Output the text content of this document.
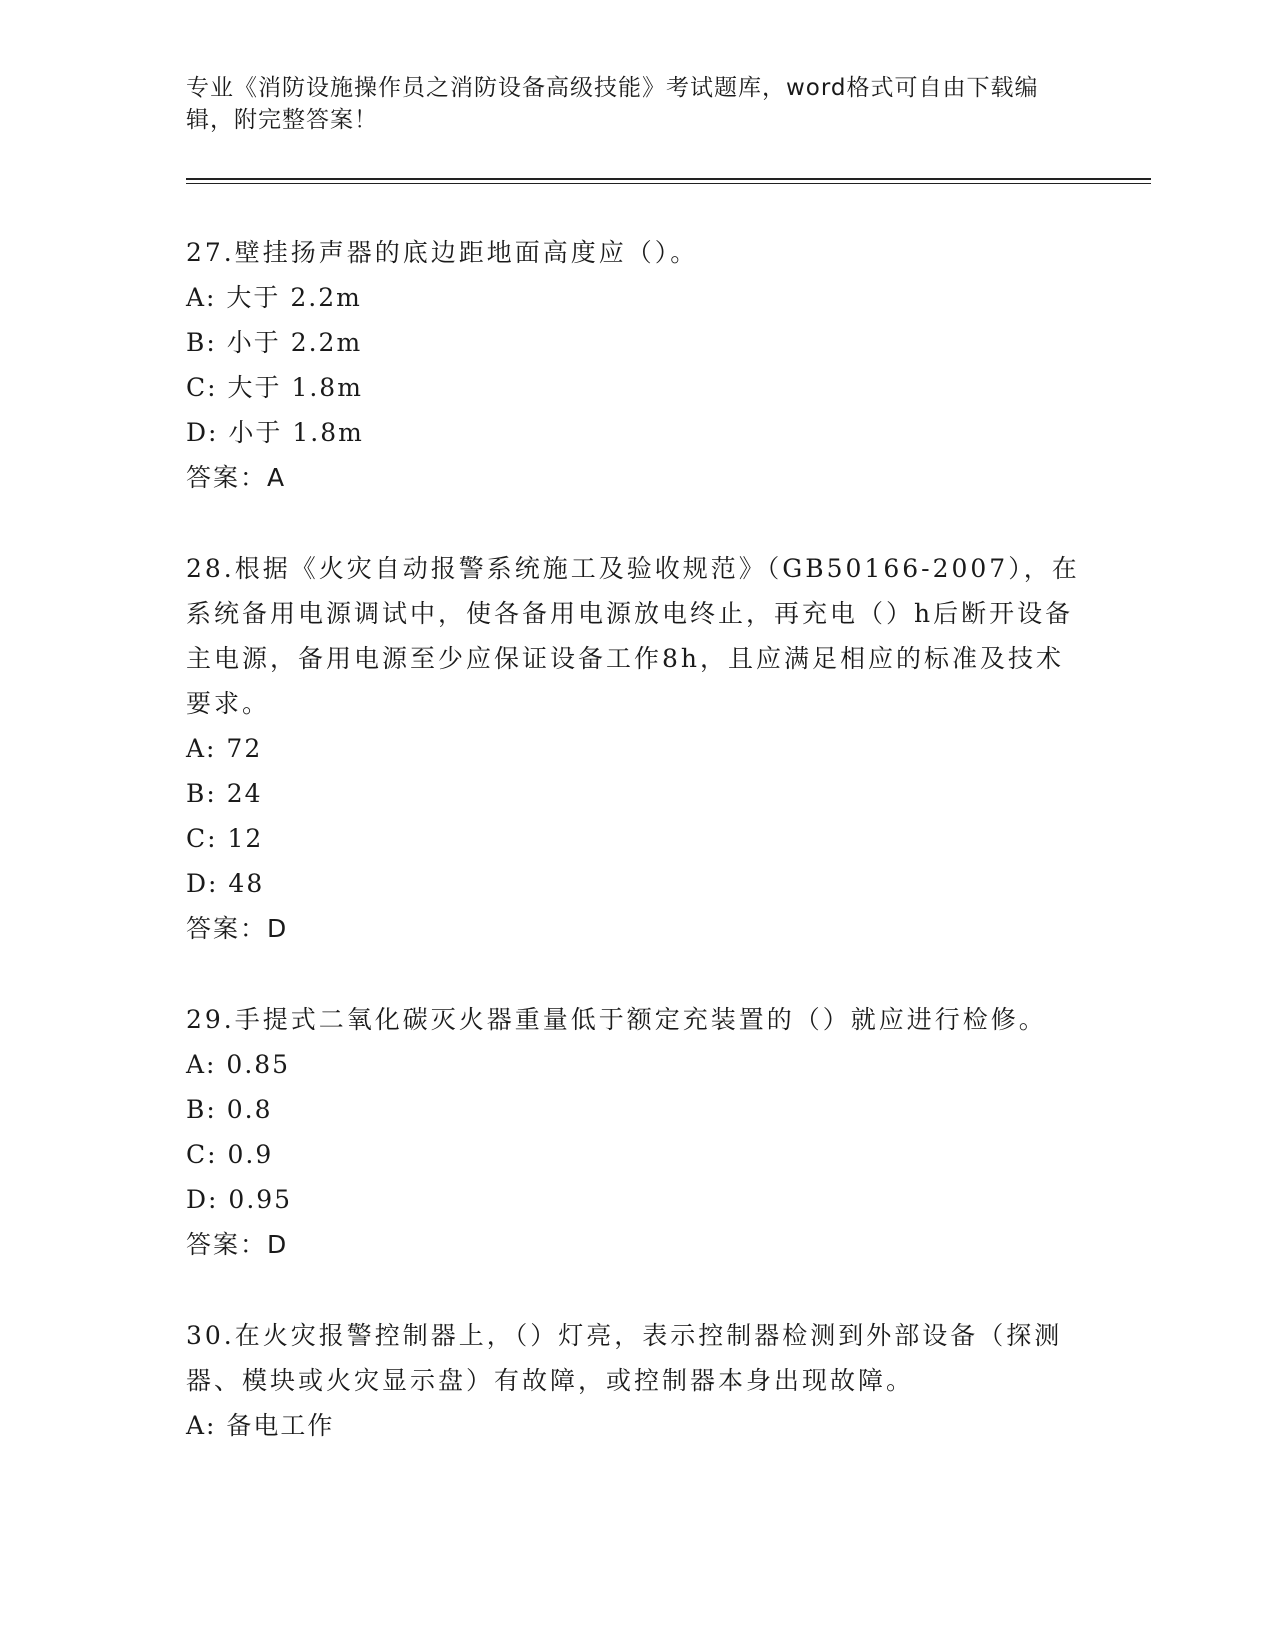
专业《消防设施操作员之消防设备高级技能》考试题库，word格式可自由下载编辑，附完整答案！

27.壁挂扬声器的底边距地面高度应（）。

A: 大于 2.2m

B: 小于 2.2m

C: 大于 1.8m

D: 小于 1.8m

答案：A

28.根据《火灾自动报警系统施工及验收规范》（GB50166-2007），在系统备用电源调试中，使各备用电源放电终止，再充电（）h后断开设备主电源，备用电源至少应保证设备工作8h，且应满足相应的标准及技术要求。

A: 72

B: 24

C: 12

D: 48

答案：D

29.手提式二氧化碳灭火器重量低于额定充装置的（）就应进行检修。

A: 0.85

B: 0.8

C: 0.9

D: 0.95

答案：D

30.在火灾报警控制器上，（）灯亮，表示控制器检测到外部设备（探测器、模块或火灾显示盘）有故障，或控制器本身出现故障。

A: 备电工作
